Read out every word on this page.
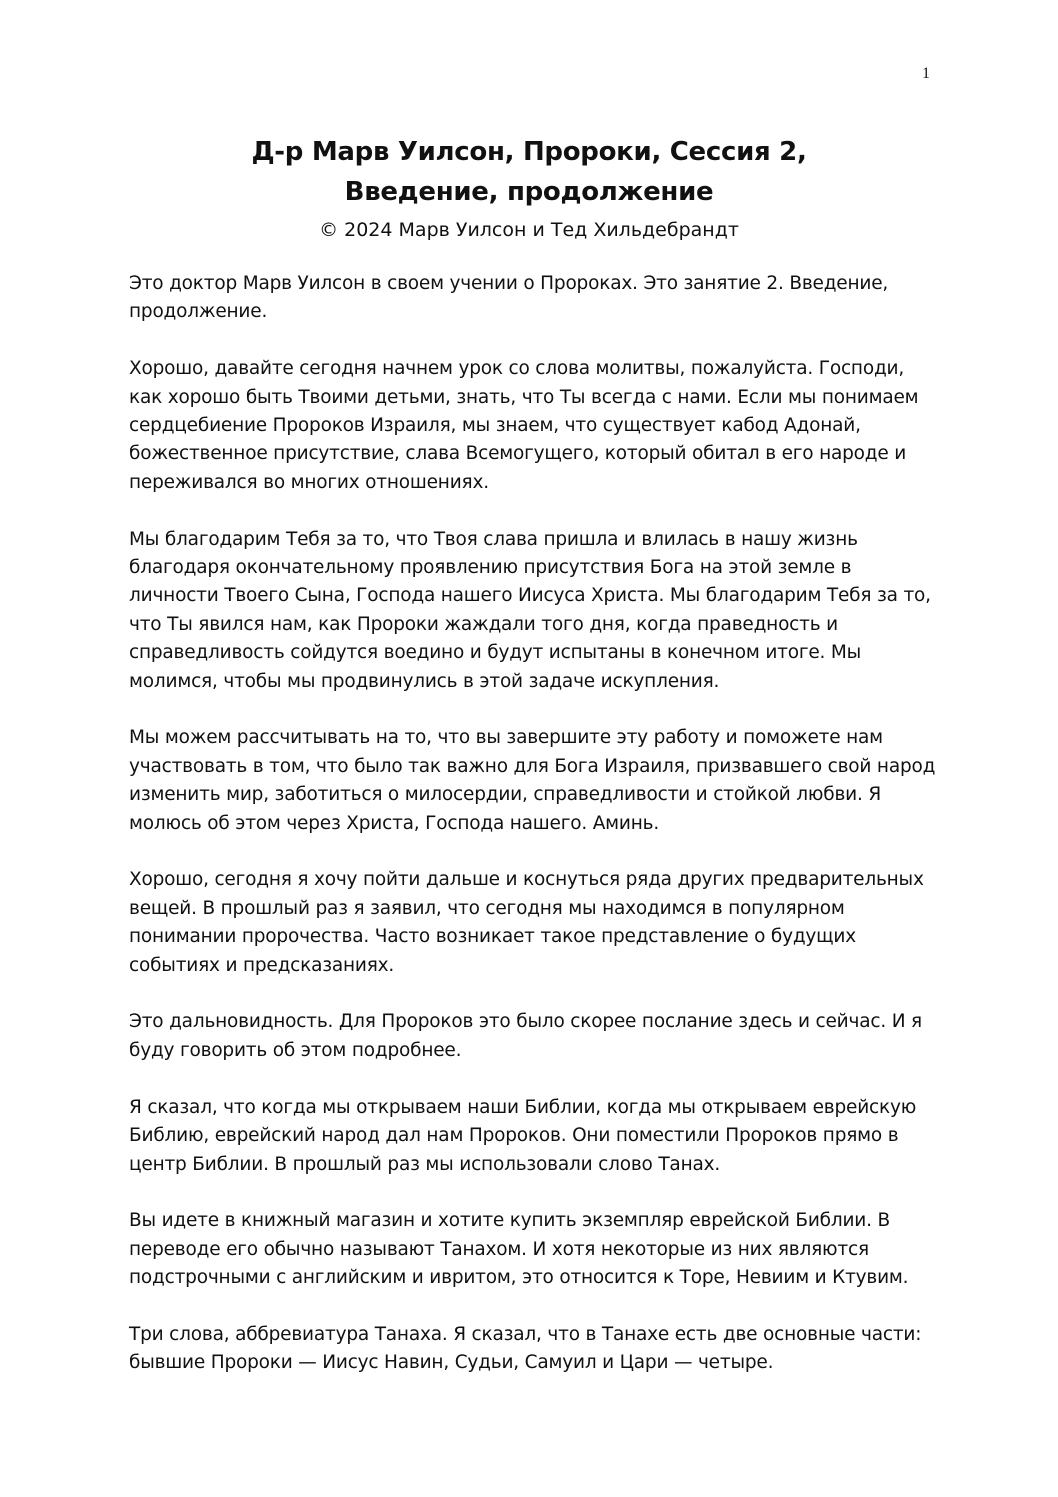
1
Д-р Марв Уилсон, Пророки, Сессия 2,
Введение, продолжение
© 2024 Марв Уилсон и Тед Хильдебрандт

Это доктор Марв Уилсон в своем учении о Пророках. Это занятие 2. Введение, продолжение.

Хорошо, давайте сегодня начнем урок со слова молитвы, пожалуйста. Господи, как хорошо быть Твоими детьми, знать, что Ты всегда с нами. Если мы понимаем сердцебиение Пророков Израиля, мы знаем, что существует кабод Адонай, божественное присутствие, слава Всемогущего, который обитал в его народе и переживался во многих отношениях.

Мы благодарим Тебя за то, что Твоя слава пришла и влилась в нашу жизнь благодаря окончательному проявлению присутствия Бога на этой земле в личности Твоего Сына, Господа нашего Иисуса Христа. Мы благодарим Тебя за то, что Ты явился нам, как Пророки жаждали того дня, когда праведность и справедливость сойдутся воедино и будут испытаны в конечном итоге. Мы молимся, чтобы мы продвинулись в этой задаче искупления.

Мы можем рассчитывать на то, что вы завершите эту работу и поможете нам участвовать в том, что было так важно для Бога Израиля, призвавшего свой народ изменить мир, заботиться о милосердии, справедливости и стойкой любви. Я молюсь об этом через Христа, Господа нашего. Аминь.

Хорошо, сегодня я хочу пойти дальше и коснуться ряда других предварительных вещей. В прошлый раз я заявил, что сегодня мы находимся в популярном понимании пророчества. Часто возникает такое представление о будущих событиях и предсказаниях.

Это дальновидность. Для Пророков это было скорее послание здесь и сейчас. И я буду говорить об этом подробнее.

Я сказал, что когда мы открываем наши Библии, когда мы открываем еврейскую Библию, еврейский народ дал нам Пророков. Они поместили Пророков прямо в центр Библии. В прошлый раз мы использовали слово Танах.

Вы идете в книжный магазин и хотите купить экземпляр еврейской Библии. В переводе его обычно называют Танахом. И хотя некоторые из них являются подстрочными с английским и ивритом, это относится к Торе, Невиим и Ктувим.

Три слова, аббревиатура Танаха. Я сказал, что в Танахе есть две основные части: бывшие Пророки — Иисус Навин, Судьи, Самуил и Цари — четыре.
